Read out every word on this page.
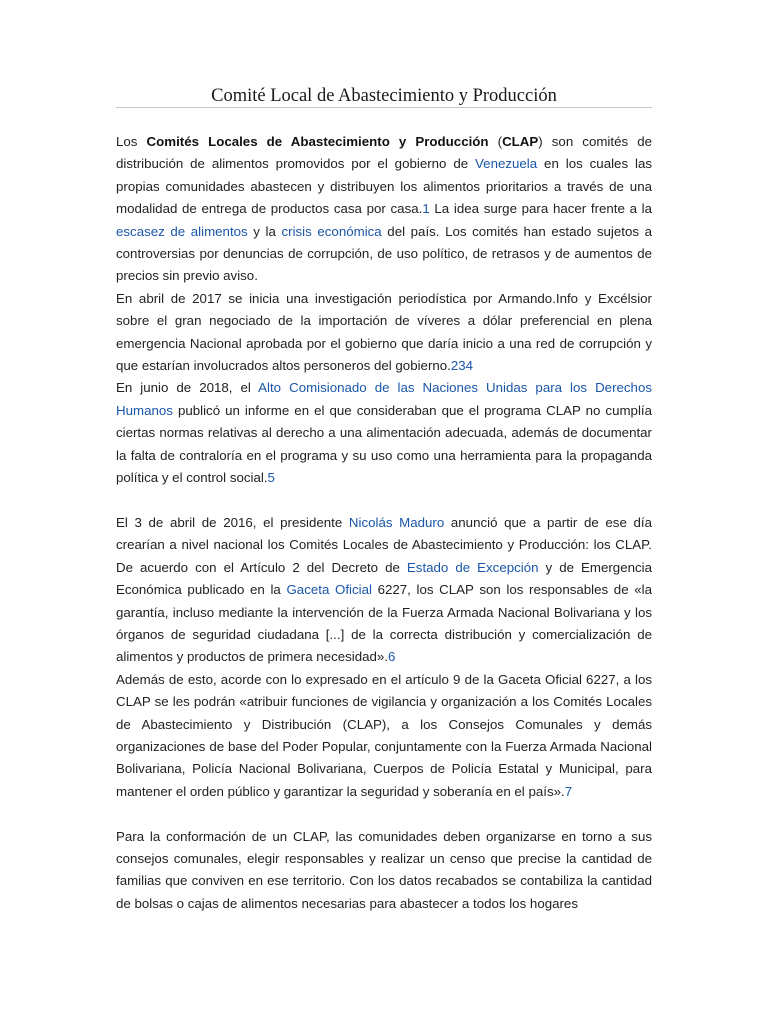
Comité Local de Abastecimiento y Producción

Los Comités Locales de Abastecimiento y Producción (CLAP) son comités de distribución de alimentos promovidos por el gobierno de Venezuela en los cuales las propias comunidades abastecen y distribuyen los alimentos prioritarios a través de una modalidad de entrega de productos casa por casa.1 La idea surge para hacer frente a la escasez de alimentos y la crisis económica del país. Los comités han estado sujetos a controversias por denuncias de corrupción, de uso político, de retrasos y de aumentos de precios sin previo aviso.

En abril de 2017 se inicia una investigación periodística por Armando.Info y Excélsior sobre el gran negociado de la importación de víveres a dólar preferencial en plena emergencia Nacional aprobada por el gobierno que daría inicio a una red de corrupción y que estarían involucrados altos personeros del gobierno.234

En junio de 2018, el Alto Comisionado de las Naciones Unidas para los Derechos Humanos publicó un informe en el que consideraban que el programa CLAP no cumplía ciertas normas relativas al derecho a una alimentación adecuada, además de documentar la falta de contraloría en el programa y su uso como una herramienta para la propaganda política y el control social.5

El 3 de abril de 2016, el presidente Nicolás Maduro anunció que a partir de ese día crearían a nivel nacional los Comités Locales de Abastecimiento y Producción: los CLAP. De acuerdo con el Artículo 2 del Decreto de Estado de Excepción y de Emergencia Económica publicado en la Gaceta Oficial 6227, los CLAP son los responsables de «la garantía, incluso mediante la intervención de la Fuerza Armada Nacional Bolivariana y los órganos de seguridad ciudadana [...] de la correcta distribución y comercialización de alimentos y productos de primera necesidad».6

Además de esto, acorde con lo expresado en el artículo 9 de la Gaceta Oficial 6227, a los CLAP se les podrán «atribuir funciones de vigilancia y organización a los Comités Locales de Abastecimiento y Distribución (CLAP), a los Consejos Comunales y demás organizaciones de base del Poder Popular, conjuntamente con la Fuerza Armada Nacional Bolivariana, Policía Nacional Bolivariana, Cuerpos de Policía Estatal y Municipal, para mantener el orden público y garantizar la seguridad y soberanía en el país».7

Para la conformación de un CLAP, las comunidades deben organizarse en torno a sus consejos comunales, elegir responsables y realizar un censo que precise la cantidad de familias que conviven en ese territorio. Con los datos recabados se contabiliza la cantidad de bolsas o cajas de alimentos necesarias para abastecer a todos los hogares
